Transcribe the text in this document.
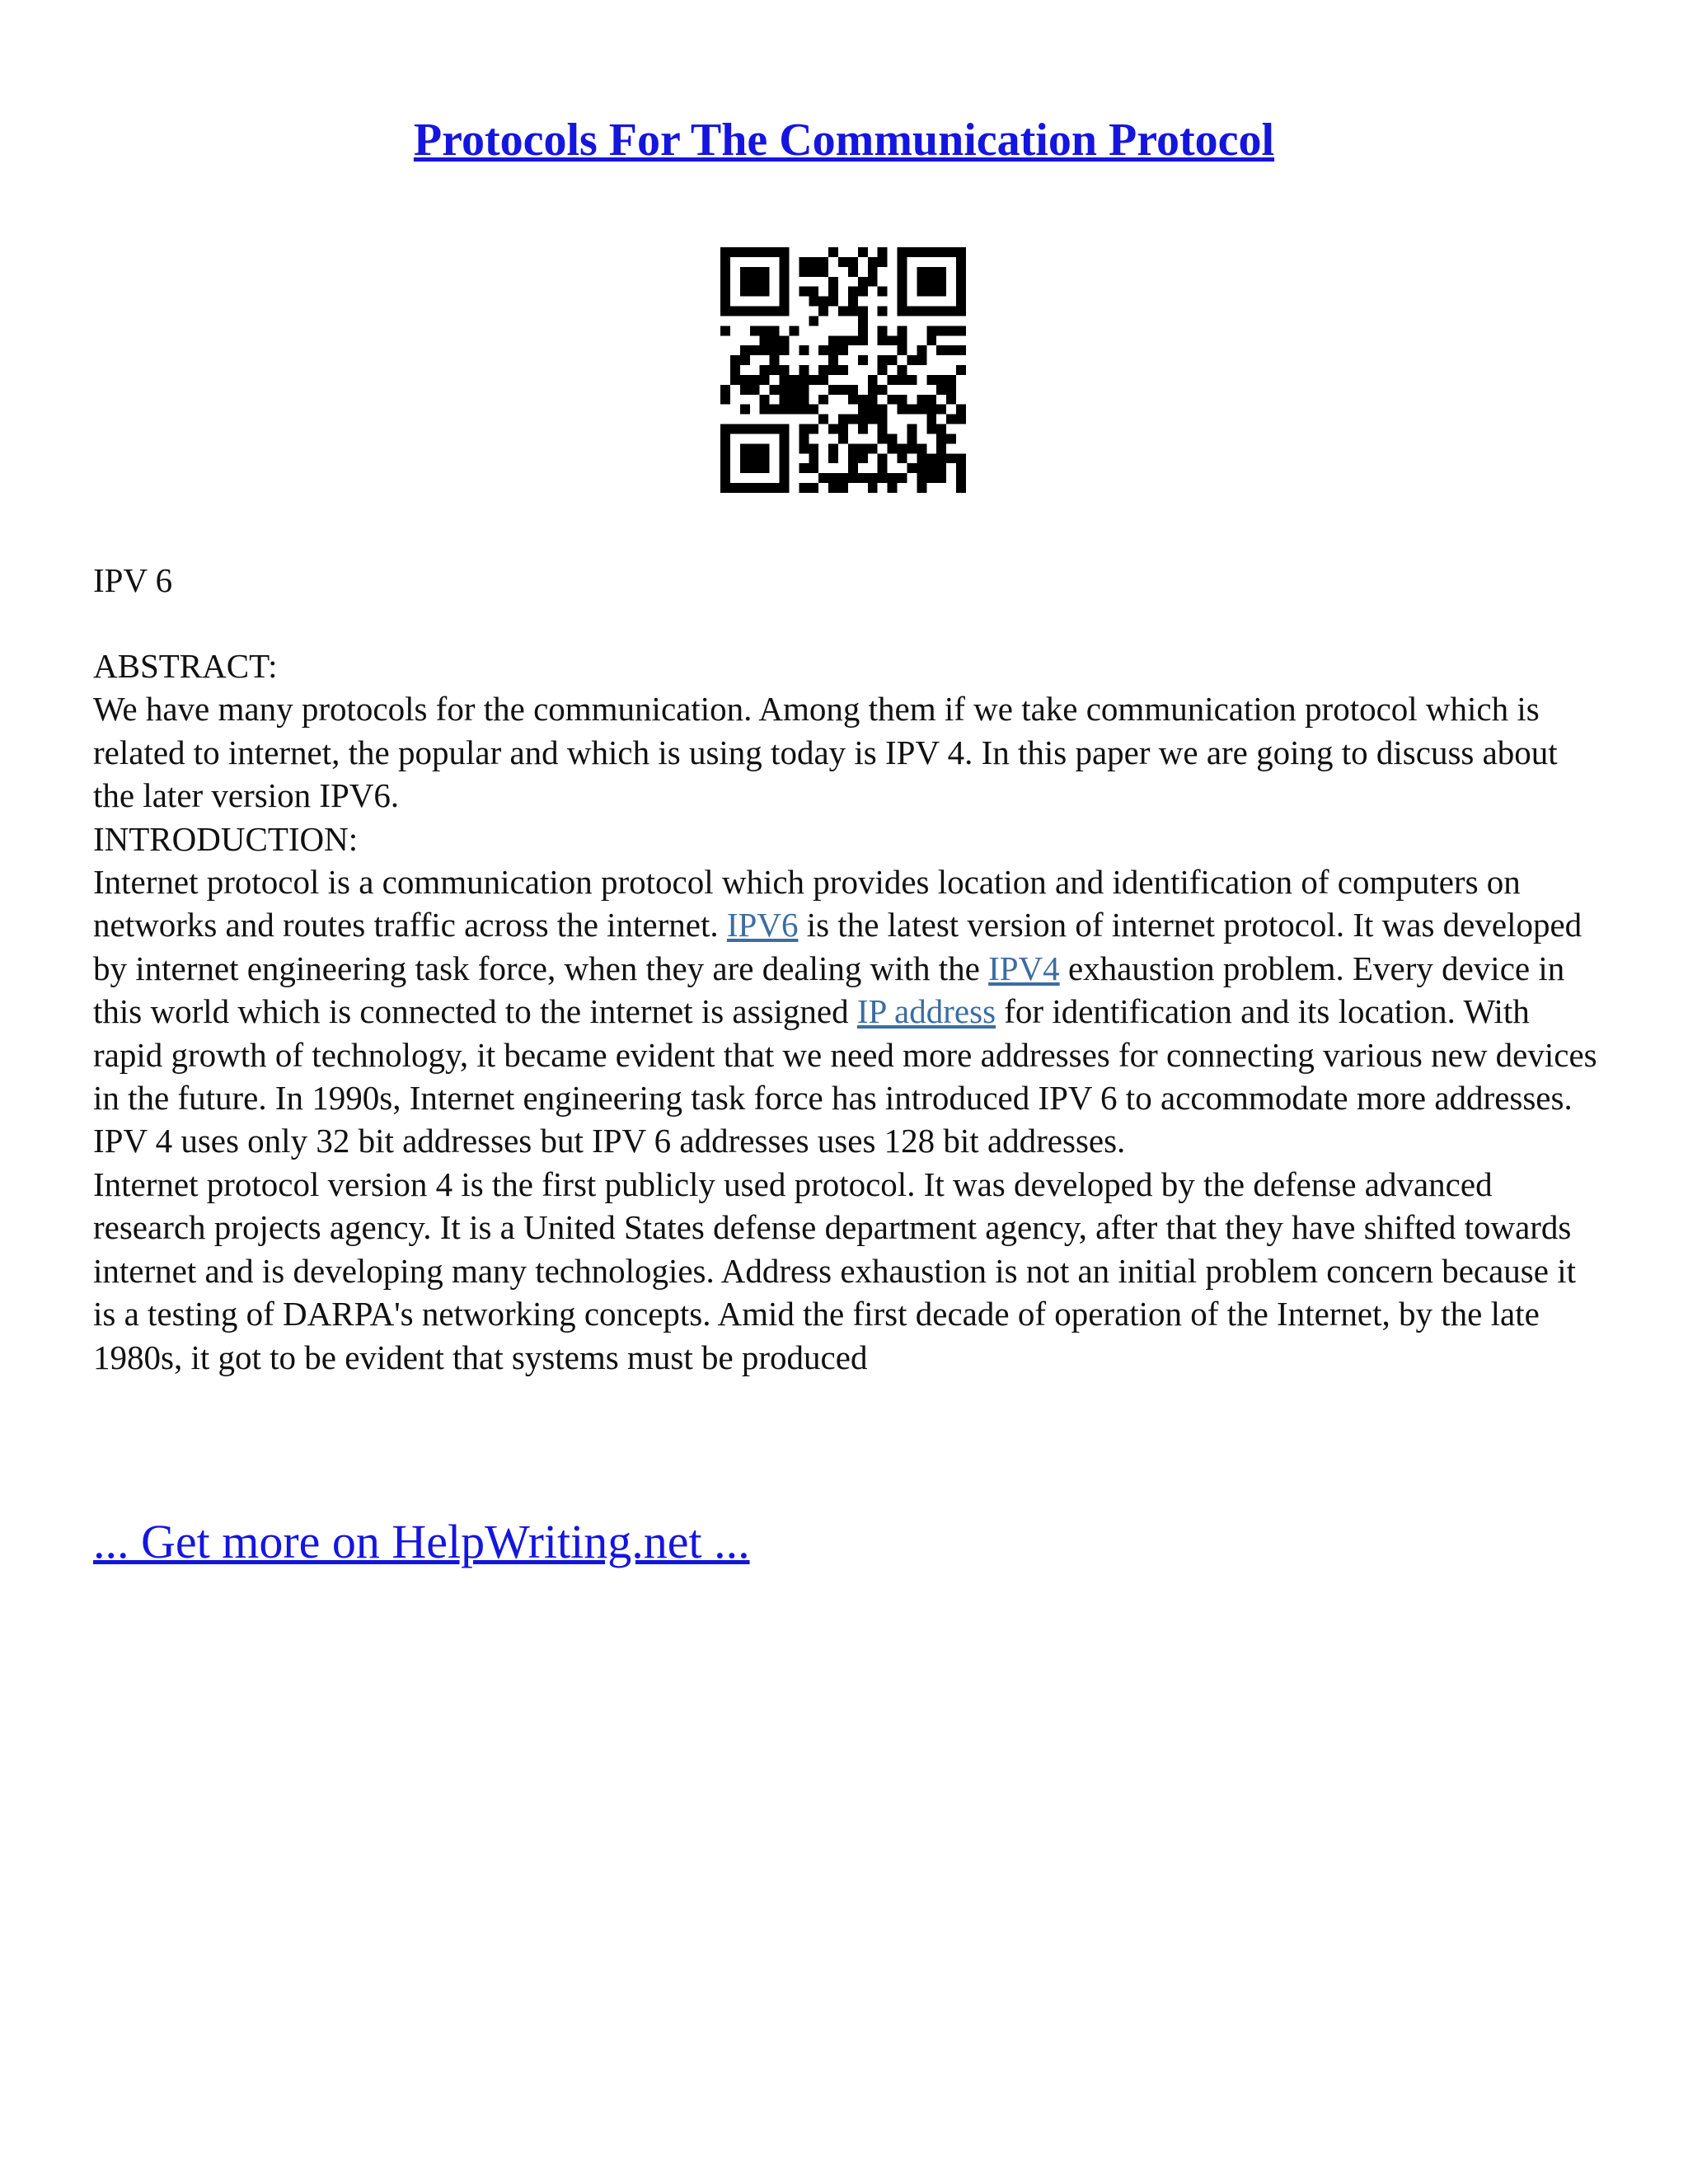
Protocols For The Communication Protocol

IPV 6

ABSTRACT:

We have many protocols for the communication. Among them if we take communication protocol which is related to internet, the popular and which is using today is IPV 4. In this paper we are going to discuss about the later version IPV6.

INTRODUCTION:

Internet protocol is a communication protocol which provides location and identification of computers on networks and routes traffic across the internet. IPV6 is the latest version of internet protocol. It was developed by internet engineering task force, when they are dealing with the IPV4 exhaustion problem. Every device in this world which is connected to the internet is assigned IP address for identification and its location. With rapid growth of technology, it became evident that we need more addresses for connecting various new devices in the future. In 1990s, Internet engineering task force has introduced IPV 6 to accommodate more addresses. IPV 4 uses only 32 bit addresses but IPV 6 addresses uses 128 bit addresses.

Internet protocol version 4 is the first publicly used protocol. It was developed by the defense advanced research projects agency. It is a United States defense department agency, after that they have shifted towards internet and is developing many technologies. Address exhaustion is not an initial problem concern because it is a testing of DARPA's networking concepts. Amid the first decade of operation of the Internet, by the late 1980s, it got to be evident that systems must be produced

... Get more on HelpWriting.net ...
